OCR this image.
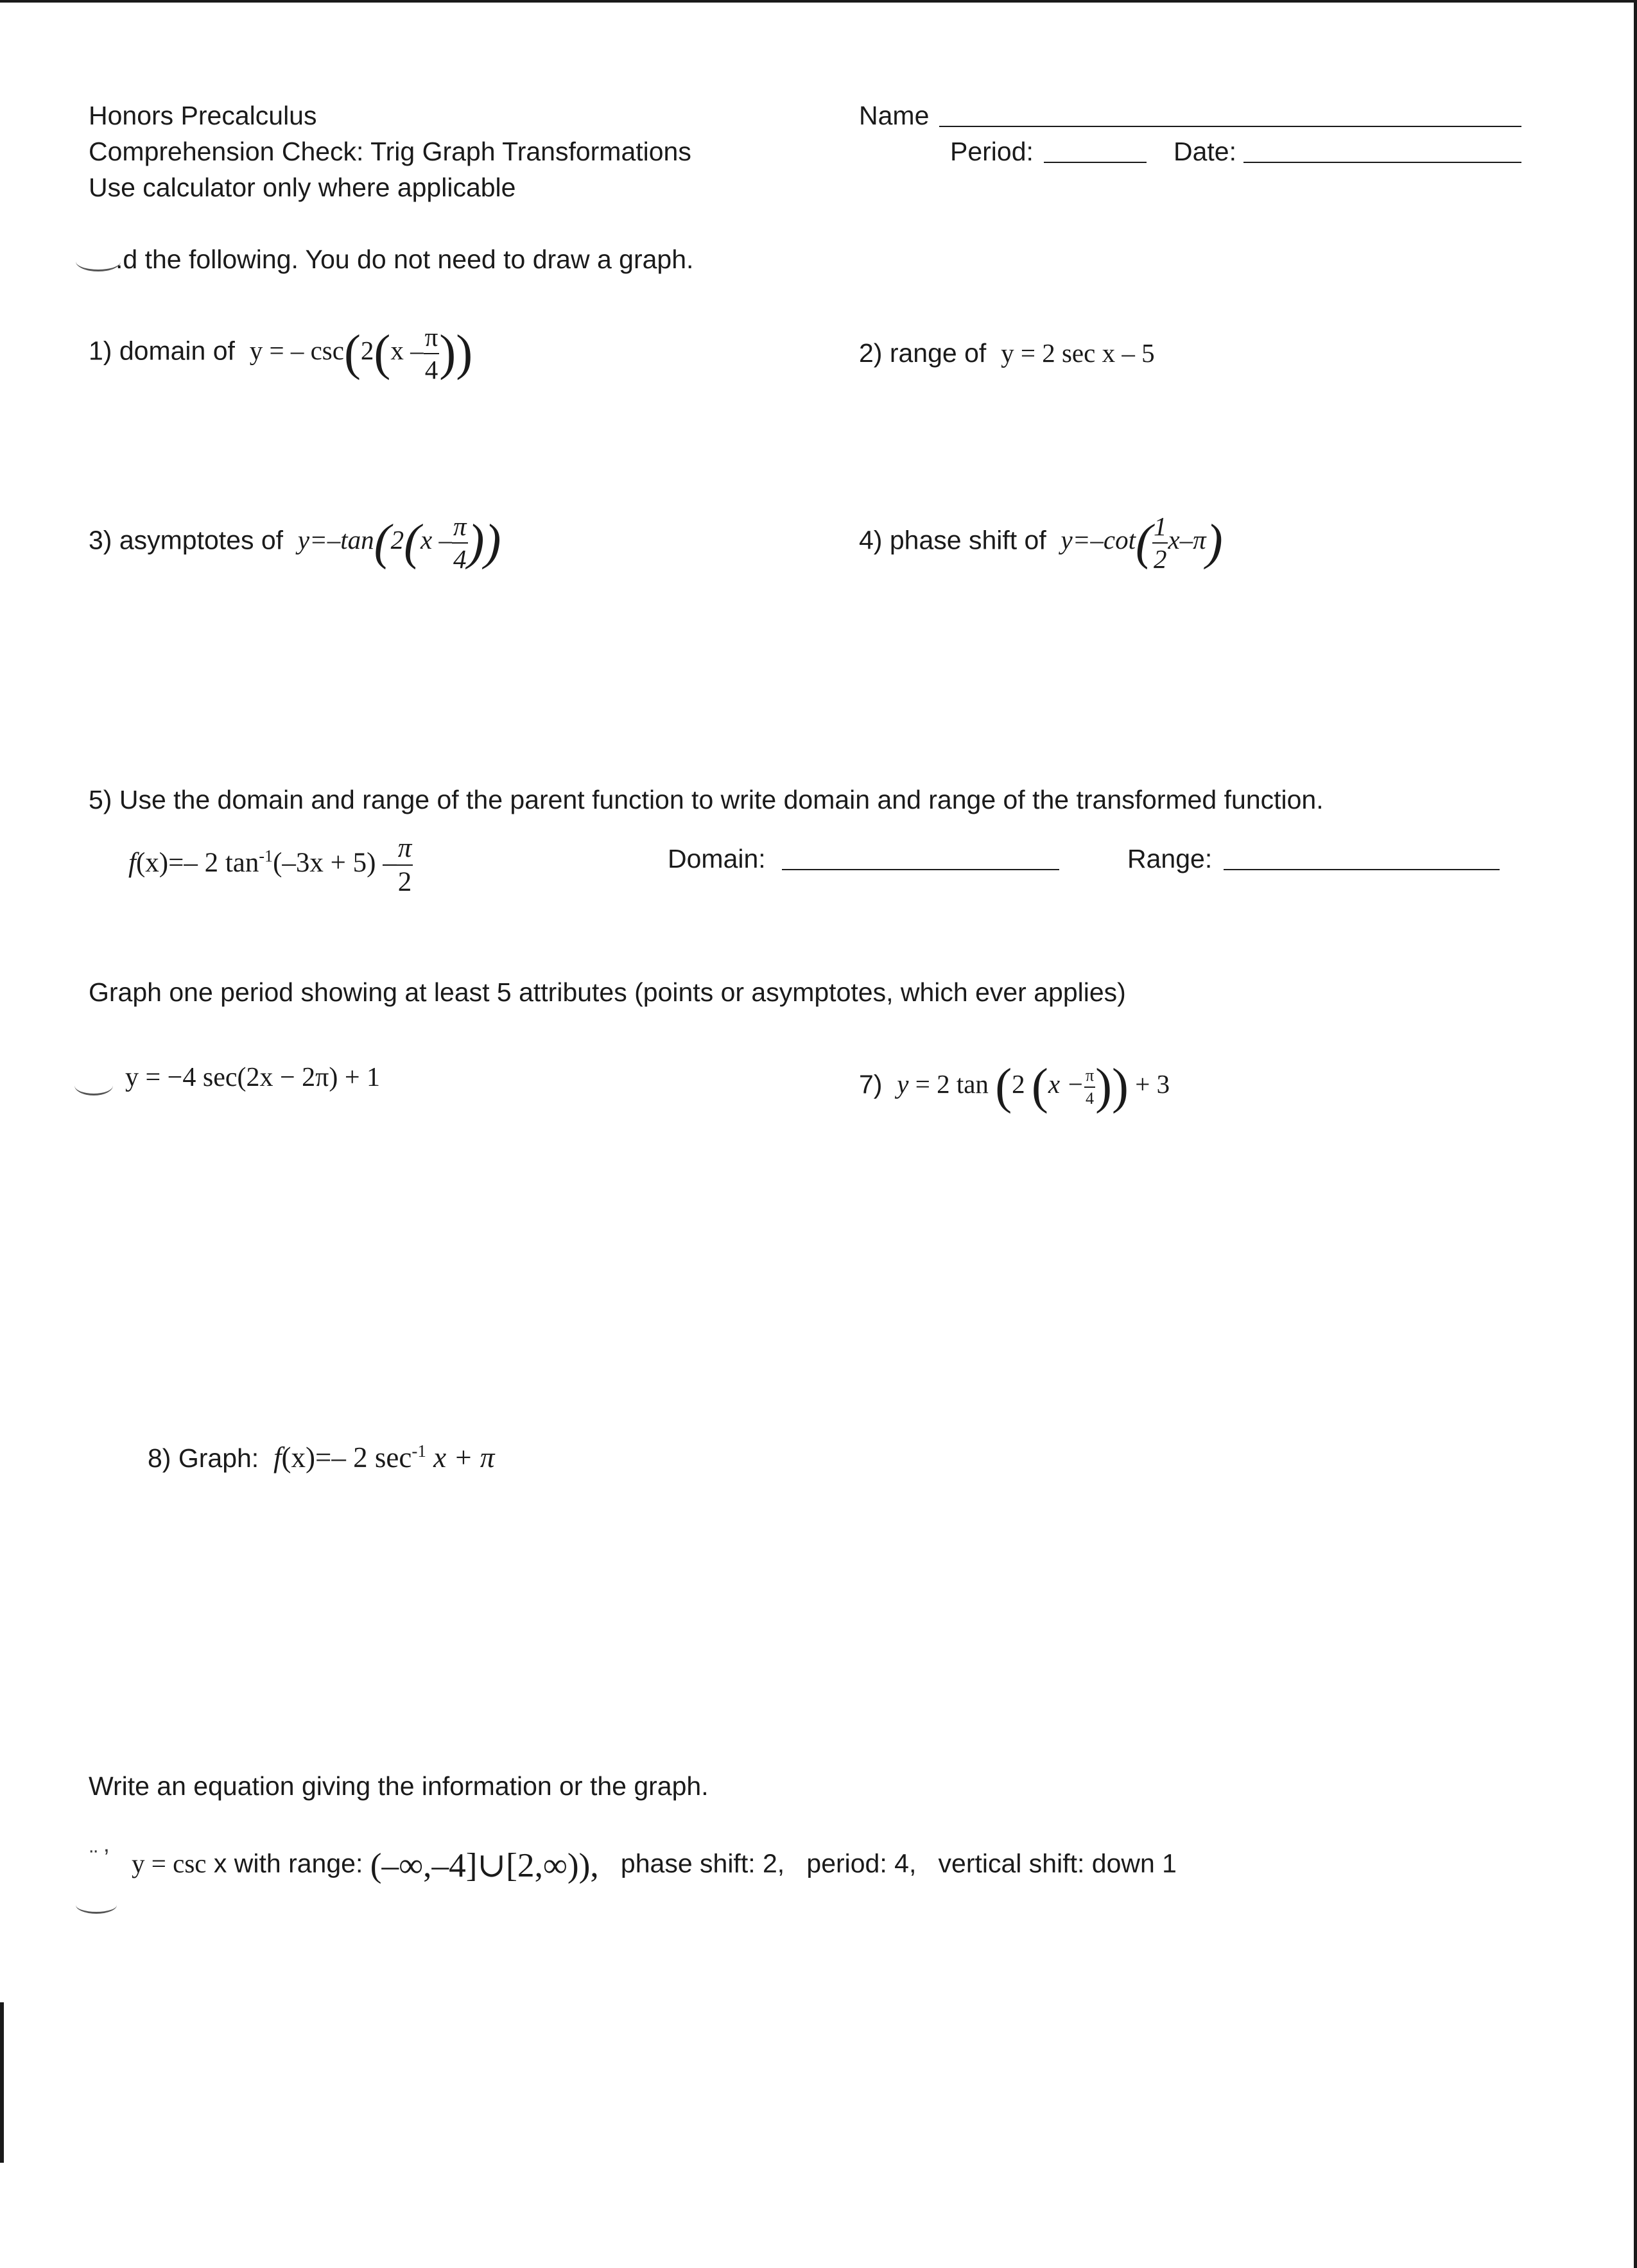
Honors Precalculus
Comprehension Check: Trig Graph Transformations
Use calculator only where applicable
Name
Period:	Date:
.d the following. You do not need to draw a graph.
1) domain of y = – $\csc(2(x - \frac{\pi}{4}$ ))	2) range of y = 2 sec x – 5
3) asymptotes of $y=-\tan(2(x - \frac{\pi}{4}$ ))	4) phase shift of $y=-\cot( \frac{1}{2} x-\pi)$
5) Use the domain and range of the parent function to write domain and range of the transformed function.
f(x)=– 2 $\tan^{-1}(-3x + 5) - \frac{\pi}{2}$	Domain:	Range:
Graph one period showing at least 5 attributes (points or asymptotes, which ever applies)
y = −4 sec(2x − 2π) + 1	7) y = 2 tan (2 ($x - \frac{\pi}{4}$ )) + 3
8) Graph: f(x)=– 2 $\sec^{-1} x + \pi$
Write an equation giving the information or the graph.
¨ ʼ y = csc x with range: (–∞,–4]∪[2,∞)), phase shift: 2, period: 4, vertical shift: down 1
